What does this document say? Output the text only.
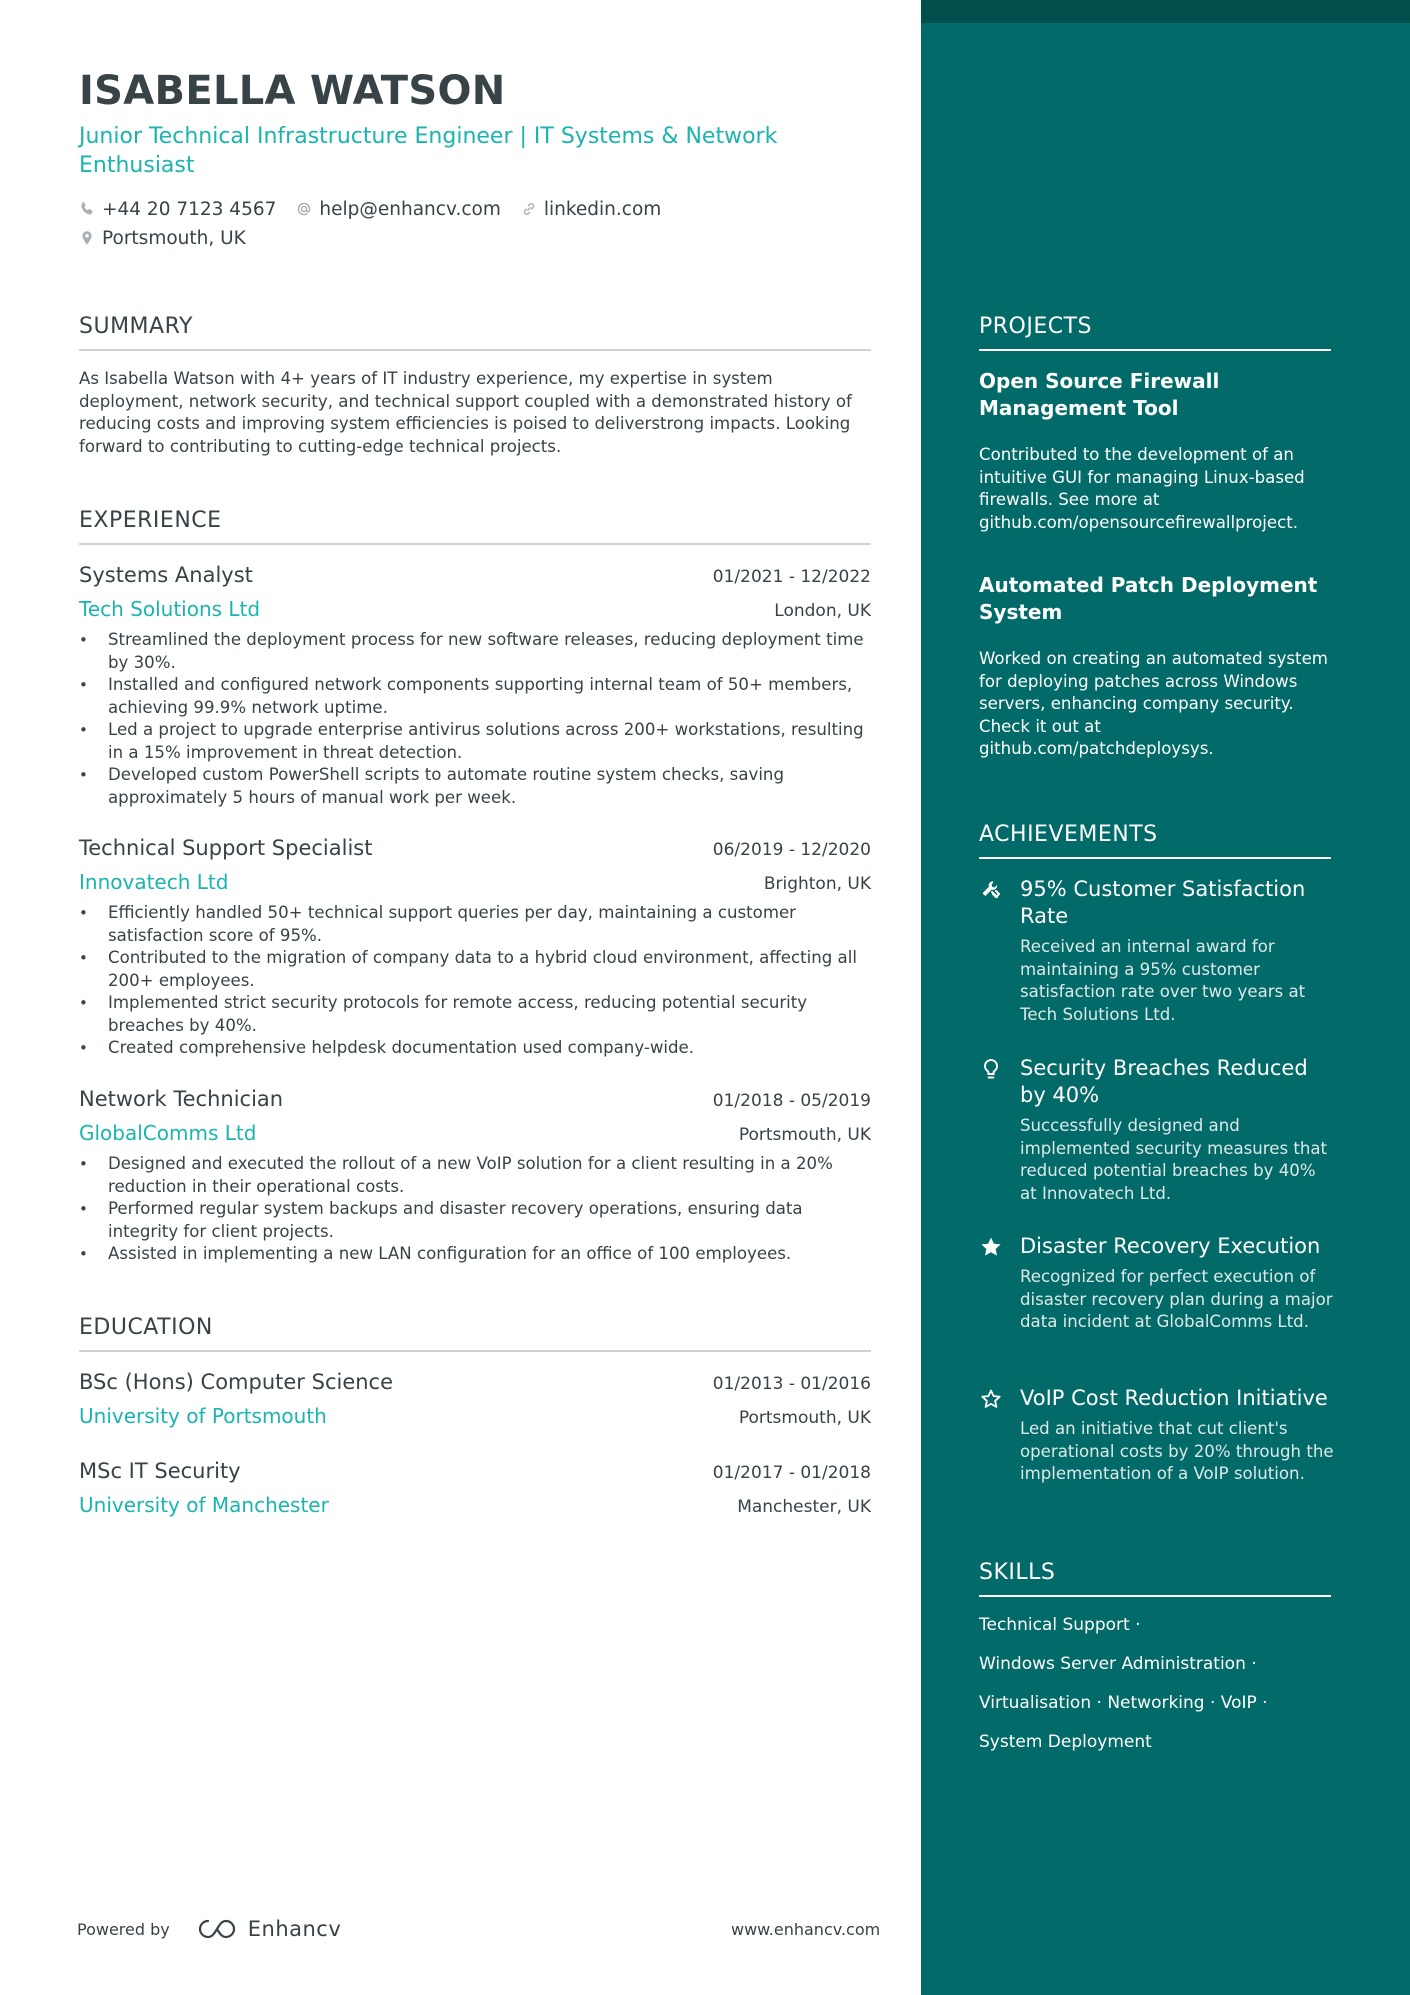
ISABELLA WATSON
Junior Technical Infrastructure Engineer | IT Systems & Network Enthusiast
+44 20 7123 4567 help@enhancv.com linkedin.com
Portsmouth, UK
SUMMARY
As Isabella Watson with 4+ years of IT industry experience, my expertise in system deployment, network security, and technical support coupled with a demonstrated history of reducing costs and improving system efficiencies is poised to deliverstrong impacts. Looking forward to contributing to cutting-edge technical projects.
EXPERIENCE
Systems Analyst	01/2021 - 12/2022
Tech Solutions Ltd	London, UK
• Streamlined the deployment process for new software releases, reducing deployment time by 30%.
• Installed and configured network components supporting internal team of 50+ members, achieving 99.9% network uptime.
• Led a project to upgrade enterprise antivirus solutions across 200+ workstations, resulting in a 15% improvement in threat detection.
• Developed custom PowerShell scripts to automate routine system checks, saving approximately 5 hours of manual work per week.
Technical Support Specialist	06/2019 - 12/2020
Innovatech Ltd	Brighton, UK
• Efficiently handled 50+ technical support queries per day, maintaining a customer satisfaction score of 95%.
• Contributed to the migration of company data to a hybrid cloud environment, affecting all 200+ employees.
• Implemented strict security protocols for remote access, reducing potential security breaches by 40%.
• Created comprehensive helpdesk documentation used company-wide.
Network Technician	01/2018 - 05/2019
GlobalComms Ltd	Portsmouth, UK
• Designed and executed the rollout of a new VoIP solution for a client resulting in a 20% reduction in their operational costs.
• Performed regular system backups and disaster recovery operations, ensuring data integrity for client projects.
• Assisted in implementing a new LAN configuration for an office of 100 employees.
EDUCATION
BSc (Hons) Computer Science	01/2013 - 01/2016
University of Portsmouth	Portsmouth, UK
MSc IT Security	01/2017 - 01/2018
University of Manchester	Manchester, UK
PROJECTS
Open Source Firewall Management Tool
Contributed to the development of an intuitive GUI for managing Linux-based firewalls. See more at github.com/opensourcefirewallproject.
Automated Patch Deployment System
Worked on creating an automated system for deploying patches across Windows servers, enhancing company security. Check it out at github.com/patchdeploysys.
ACHIEVEMENTS
95% Customer Satisfaction Rate
Received an internal award for maintaining a 95% customer satisfaction rate over two years at Tech Solutions Ltd.
Security Breaches Reduced by 40%
Successfully designed and implemented security measures that reduced potential breaches by 40% at Innovatech Ltd.
Disaster Recovery Execution
Recognized for perfect execution of disaster recovery plan during a major data incident at GlobalComms Ltd.
VoIP Cost Reduction Initiative
Led an initiative that cut client's operational costs by 20% through the implementation of a VoIP solution.
SKILLS
Technical Support ·
Windows Server Administration ·
Virtualisation · Networking · VoIP ·
System Deployment
Powered by	Enhancv	www.enhancv.com
